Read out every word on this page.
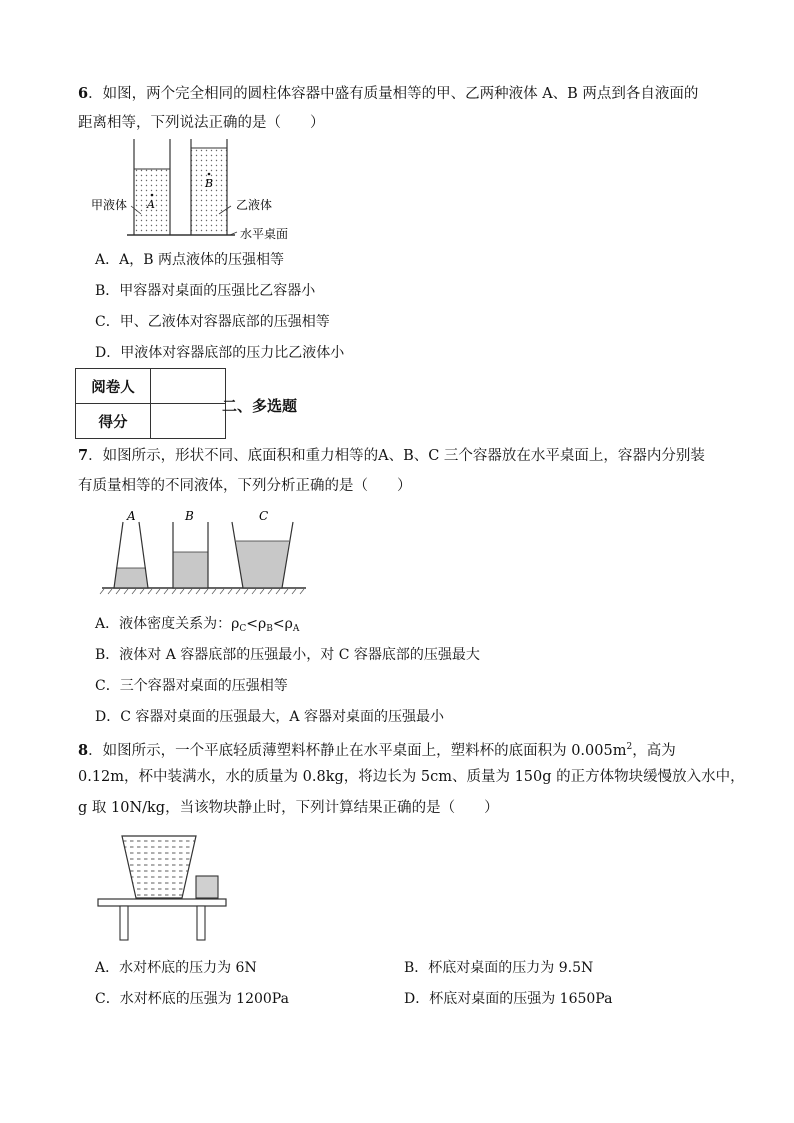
6．如图，两个完全相同的圆柱体容器中盛有质量相等的甲、乙两种液体 A、B 两点到各自液面的
距离相等，下列说法正确的是（　　）
A
B
甲液体	乙液体
水平桌面
A．A，B 两点液体的压强相等
B．甲容器对桌面的压强比乙容器小
C．甲、乙液体对容器底部的压强相等
D．甲液体对容器底部的压力比乙液体小
阅卷人	
得分	
二、多选题
7．如图所示，形状不同、底面积和重力相等的A、B、C 三个容器放在水平桌面上，容器内分别装
有质量相等的不同液体，下列分析正确的是（　　）
A	B	C
A．液体密度关系为：$\rho_C<\rho_B<\rho_A$
B．液体对 A 容器底部的压强最小，对 C 容器底部的压强最大
C．三个容器对桌面的压强相等
D．C 容器对桌面的压强最大，A 容器对桌面的压强最小
8．如图所示，一个平底轻质薄塑料杯静止在水平桌面上，塑料杯的底面积为 $0.005m^2$，高为
0.12m，杯中装满水，水的质量为 0.8kg，将边长为 5cm、质量为 150g 的正方体物块缓慢放入水中，
g 取 10N/kg，当该物块静止时，下列计算结果正确的是（　　）
A．水对杯底的压力为 6N	B．杯底对桌面的压力为 9.5N
C．水对杯底的压强为 1200Pa	D．杯底对桌面的压强为 1650Pa
